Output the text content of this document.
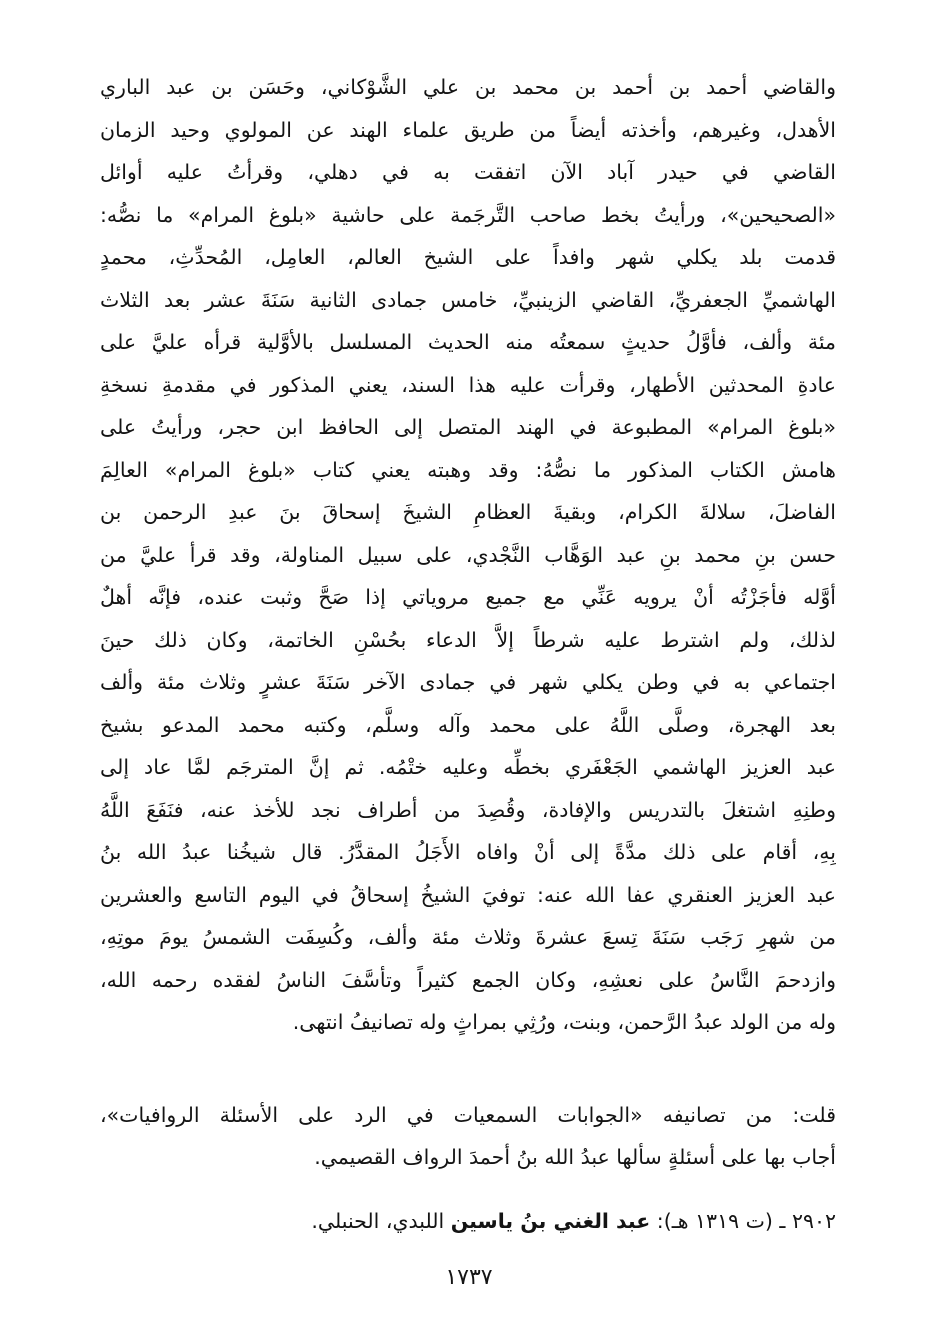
والقاضي أحمد بن أحمد بن محمد بن علي الشَّوْكاني، وحَسَن بن عبد الباري
الأهدل، وغيرهم، وأخذته أيضاً من طريق علماء الهند عن المولوي وحيد الزمان
القاضي في حيدر آباد الآن اتفقت به في دهلي، وقرأتُ عليه أوائل
«الصحيحين»، ورأيتُ بخط صاحب التَّرجَمة على حاشية «بلوغ المرام» ما نصُّه:
قدمت بلد يكلي شهر وافداً على الشيخ العالم، العامِل، المُحدِّثِ، محمدٍ
الهاشميِّ الجعفريِّ، القاضي الزينبيِّ، خامس جمادى الثانية سَنَةَ عشر بعد الثلاث
مئة وألف، فأوَّلُ حديثٍ سمعتُه منه الحديث المسلسل بالأوَّلية قرأه عليَّ على
عادةِ المحدثين الأطهار، وقرأت عليه هذا السند، يعني المذكور في مقدمةِ نسخةِ
«بلوغ المرام» المطبوعة في الهند المتصل إلى الحافظ ابن حجر، ورأيتُ على
هامش الكتاب المذكور ما نصُّهُ: وقد وهبته يعني كتاب «بلوغ المرام» العالِمَ
الفاضلَ، سلالةَ الكرام، وبقيةَ العظامِ الشيخَ إسحاقَ بنَ عبدِ الرحمن بن
حسن بنِ محمد بنِ عبد الوَهَّاب النَّجْدي، على سبيل المناولة، وقد قرأ عليَّ من
أوَّله فأجَزْتُه أنْ يرويه عَنِّي مع جميع مروياتي إذا صَحَّ وثبت عنده، فإنَّه أهلٌ
لذلك، ولم اشترط عليه شرطاً إلاَّ الدعاء بحُسْنِ الخاتمة، وكان ذلك حينَ
اجتماعي به في وطن يكلي شهر في جمادى الآخر سَنَةَ عشرٍ وثلاث مئة وألف
بعد الهجرة، وصلَّى اللَّهُ على محمد وآله وسلَّم، وكتبه محمد المدعو بشيخ
عبد العزيز الهاشمي الجَعْفَري بخطِّه وعليه ختْمُه. ثم إنَّ المترجَم لمَّا عاد إلى
وطنِهِ اشتغلَ بالتدريس والإفادة، وقُصِدَ من أطراف نجد للأخذ عنه، فنَفَعَ اللَّهُ
بِهِ، أقام على ذلك مدَّةً إلى أنْ وافاه الأَجَلُ المقدَّرُ. قال شيخُنا عبدُ الله بنُ
عبد العزيز العنقري عفا الله عنه: توفيَ الشيخُ إسحاقُ في اليوم التاسع والعشرين
من شهرِ رَجَب سَنَةَ تِسعَ عشرةَ وثلاث مئة وألف، وكُسِفَت الشمسُ يومَ موتِهِ،
وازدحمَ النَّاسُ على نعشِهِ، وكان الجمع كثيراً وتأسَّفَ الناسُ لفقده رحمه الله،
وله من الولد عبدُ الرَّحمن، وبنت، ورُثِي بمراثٍ وله تصانيفُ انتهى.
قلت: من تصانيفه «الجوابات السمعيات في الرد على الأسئلة الروافيات»،
أجاب بها على أسئلةٍ سألها عبدُ الله بنُ أحمدَ الرواف القصيمي.
٢٩٠٢ ـ (ت ١٣١٩ هـ): عبد الغني بنُ ياسين اللبدي، الحنبلي.
١٧٣٧
